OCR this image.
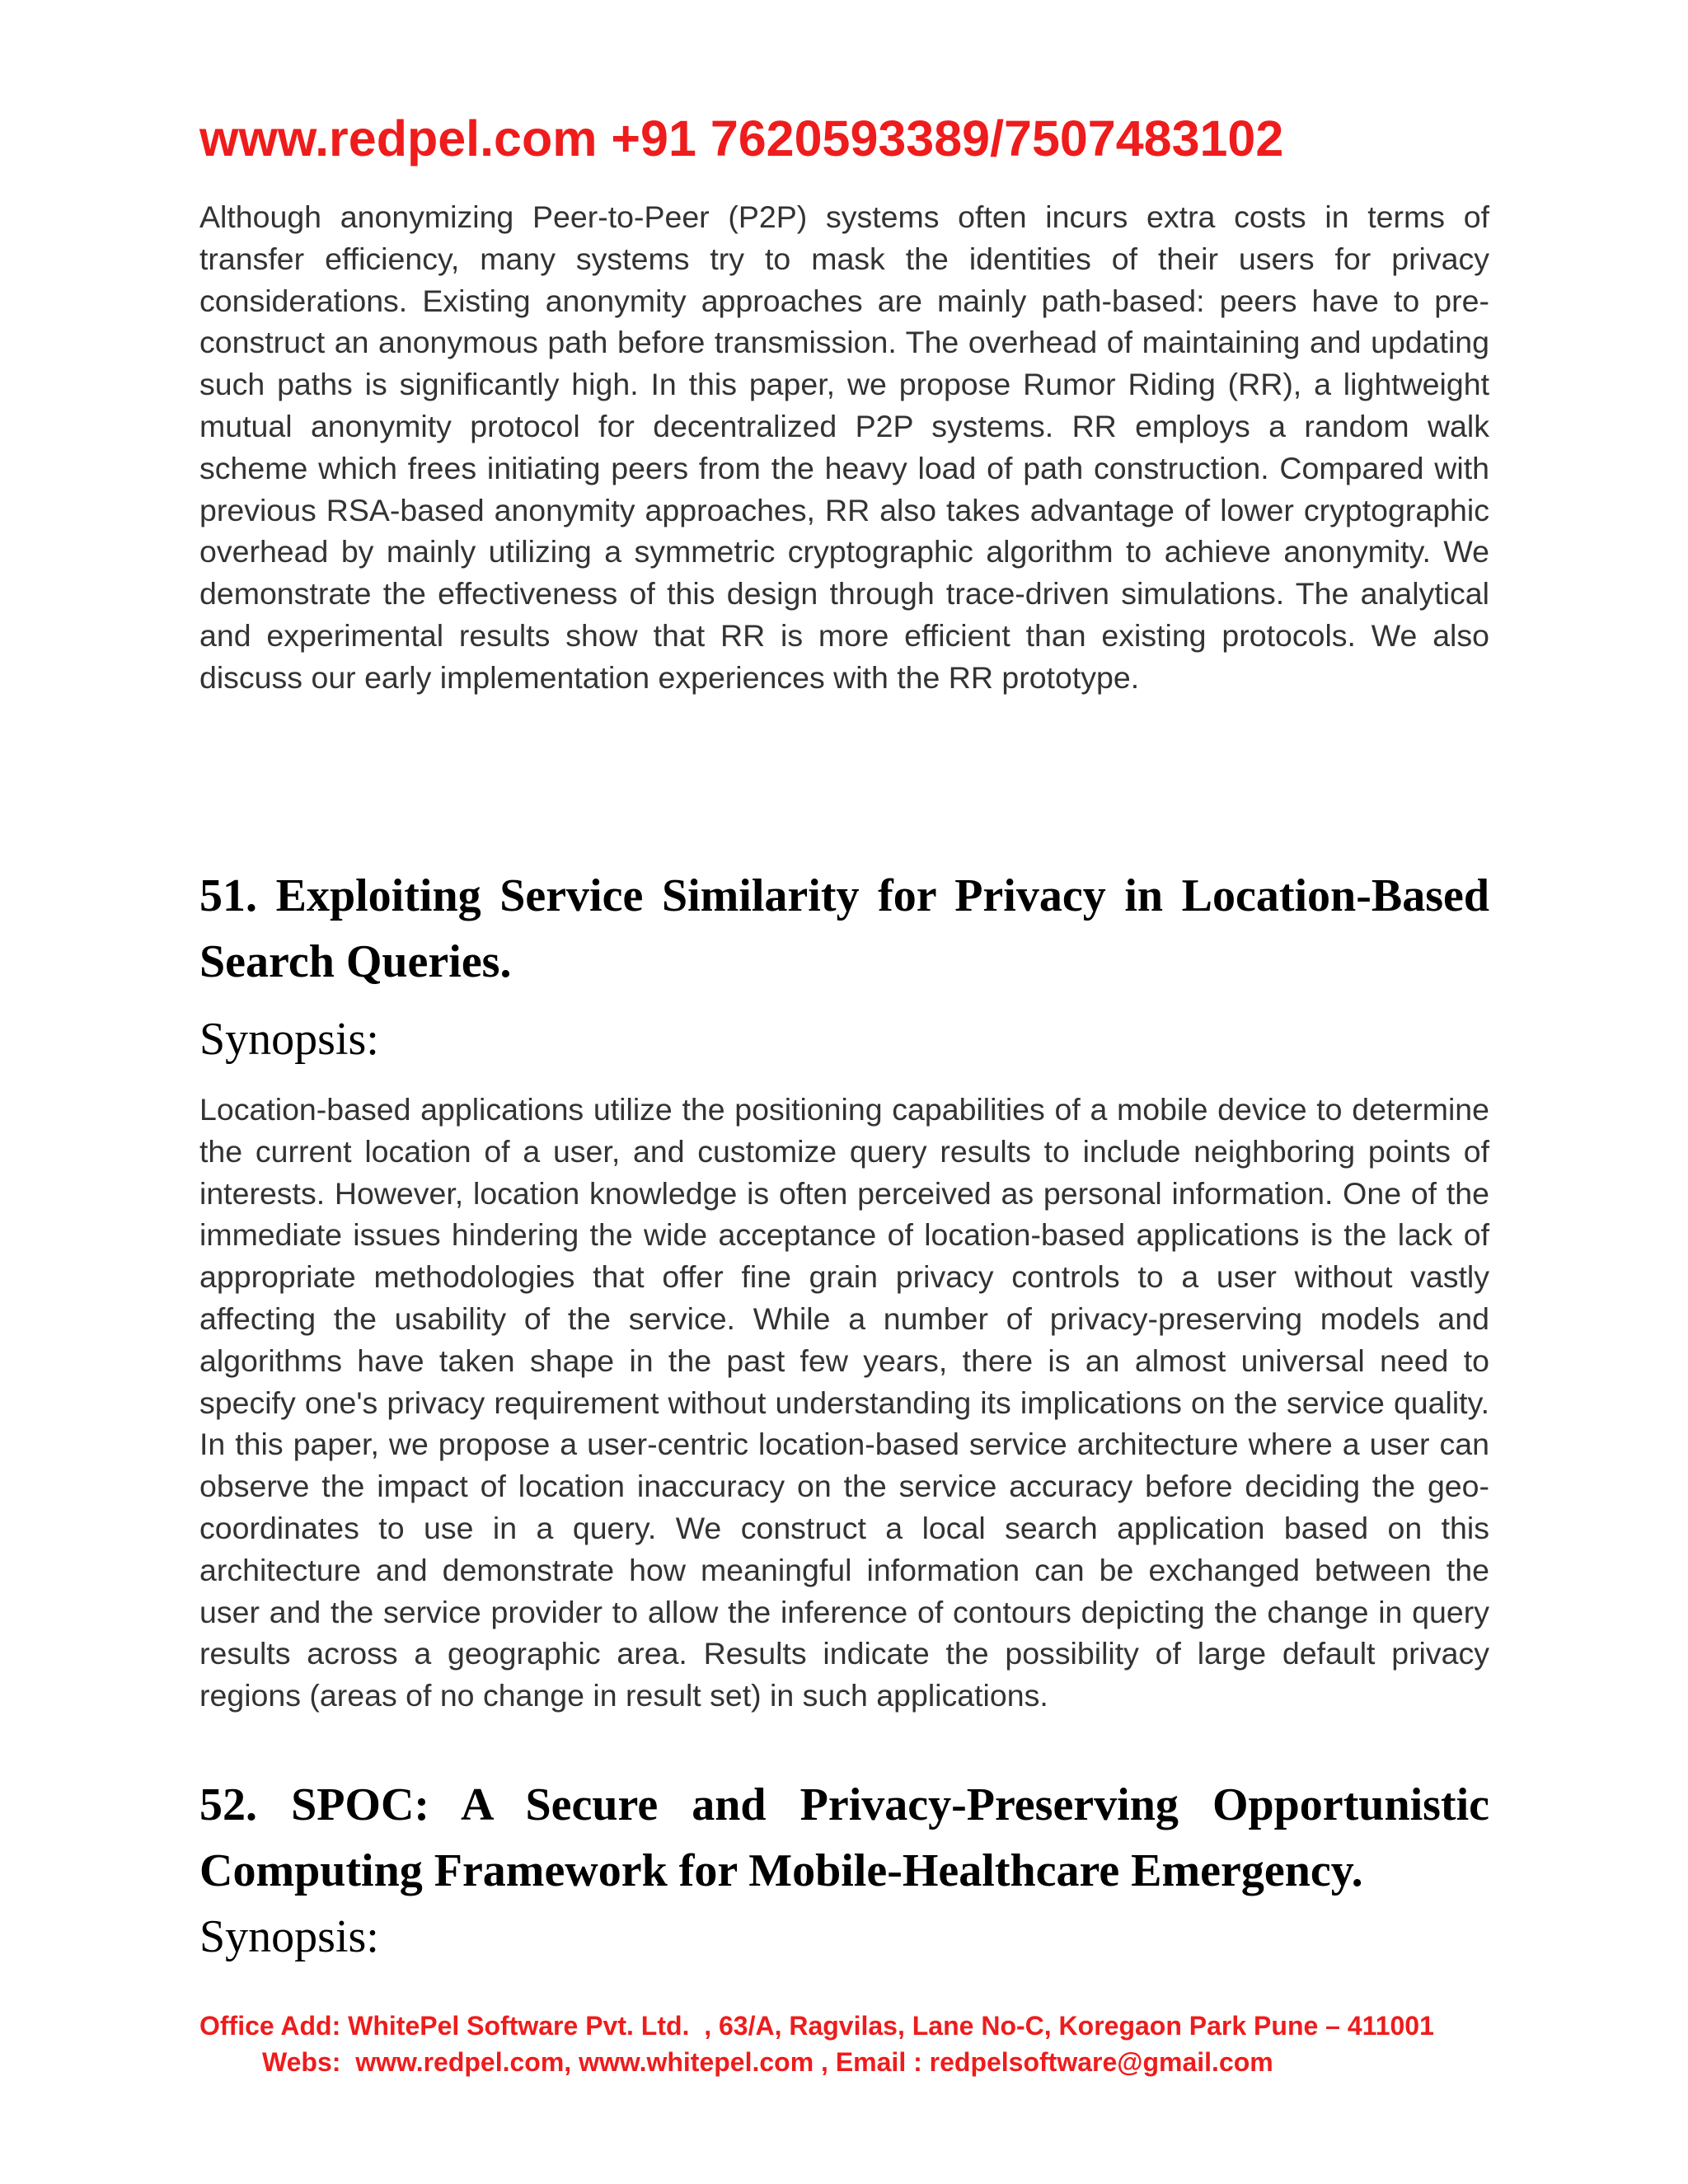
www.redpel.com +91 7620593389/7507483102

Although anonymizing Peer-to-Peer (P2P) systems often incurs extra costs in terms of transfer efficiency, many systems try to mask the identities of their users for privacy considerations. Existing anonymity approaches are mainly path-based: peers have to pre-construct an anonymous path before transmission. The overhead of maintaining and updating such paths is significantly high. In this paper, we propose Rumor Riding (RR), a lightweight mutual anonymity protocol for decentralized P2P systems. RR employs a random walk scheme which frees initiating peers from the heavy load of path construction. Compared with previous RSA-based anonymity approaches, RR also takes advantage of lower cryptographic overhead by mainly utilizing a symmetric cryptographic algorithm to achieve anonymity. We demonstrate the effectiveness of this design through trace-driven simulations. The analytical and experimental results show that RR is more efficient than existing protocols. We also discuss our early implementation experiences with the RR prototype.

51. Exploiting Service Similarity for Privacy in Location-Based Search Queries.

Synopsis:

Location-based applications utilize the positioning capabilities of a mobile device to determine the current location of a user, and customize query results to include neighboring points of interests. However, location knowledge is often perceived as personal information. One of the immediate issues hindering the wide acceptance of location-based applications is the lack of appropriate methodologies that offer fine grain privacy controls to a user without vastly affecting the usability of the service. While a number of privacy-preserving models and algorithms have taken shape in the past few years, there is an almost universal need to specify one's privacy requirement without understanding its implications on the service quality. In this paper, we propose a user-centric location-based service architecture where a user can observe the impact of location inaccuracy on the service accuracy before deciding the geo-coordinates to use in a query. We construct a local search application based on this architecture and demonstrate how meaningful information can be exchanged between the user and the service provider to allow the inference of contours depicting the change in query results across a geographic area. Results indicate the possibility of large default privacy regions (areas of no change in result set) in such applications.

52. SPOC: A Secure and Privacy-Preserving Opportunistic Computing Framework for Mobile-Healthcare Emergency.

Synopsis:

Office Add: WhitePel Software Pvt. Ltd.  , 63/A, Ragvilas, Lane No-C, Koregaon Park Pune – 411001
Webs:  www.redpel.com, www.whitepel.com , Email : redpelsoftware@gmail.com
